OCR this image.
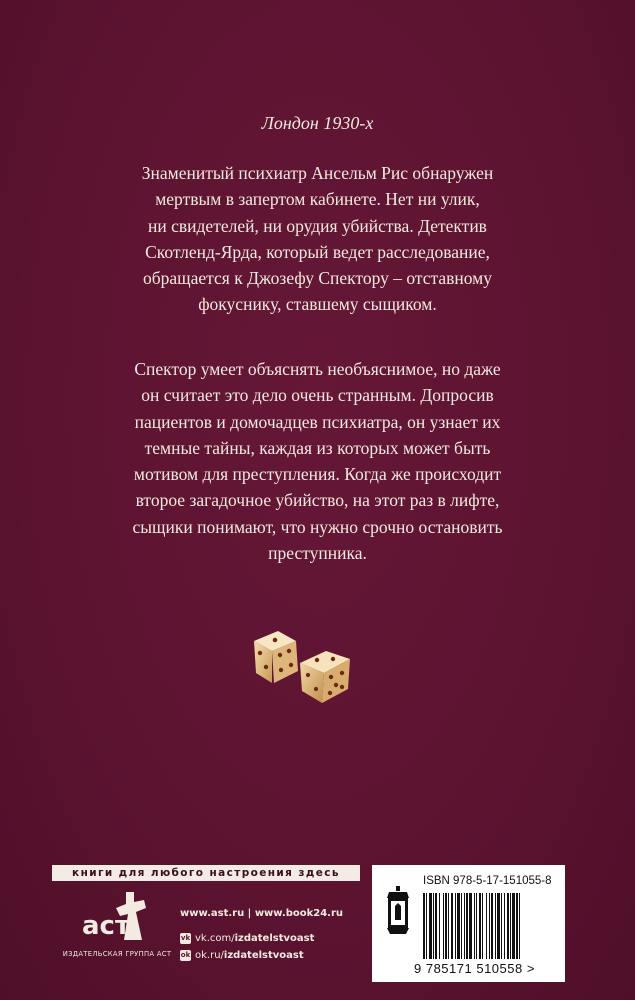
Лондон 1930-х
Знаменитый психиатр Ансельм Рис обнаружен
мертвым в запертом кабинете. Нет ни улик,
ни свидетелей, ни орудия убийства. Детектив
Скотленд-Ярда, который ведет расследование,
обращается к Джозефу Спектору – отставному
фокуснику, ставшему сыщиком.
Спектор умеет объяснять необъяснимое, но даже
он считает это дело очень странным. Допросив
пациентов и домочадцев психиатра, он узнает их
темные тайны, каждая из которых может быть
мотивом для преступления. Когда же происходит
второе загадочное убийство, на этот раз в лифте,
сыщики понимают, что нужно срочно остановить
преступника.
книги для любого настроения здесь
аст
ИЗДАТЕЛЬСКАЯ ГРУППА АСТ
www.ast.ru | www.book24.ru
vk vk.com/ izdatelstvoast
ok ok.ru/ izdatelstvoast
ISBN 978-5-17-151055-8
9 785171 510558 >
